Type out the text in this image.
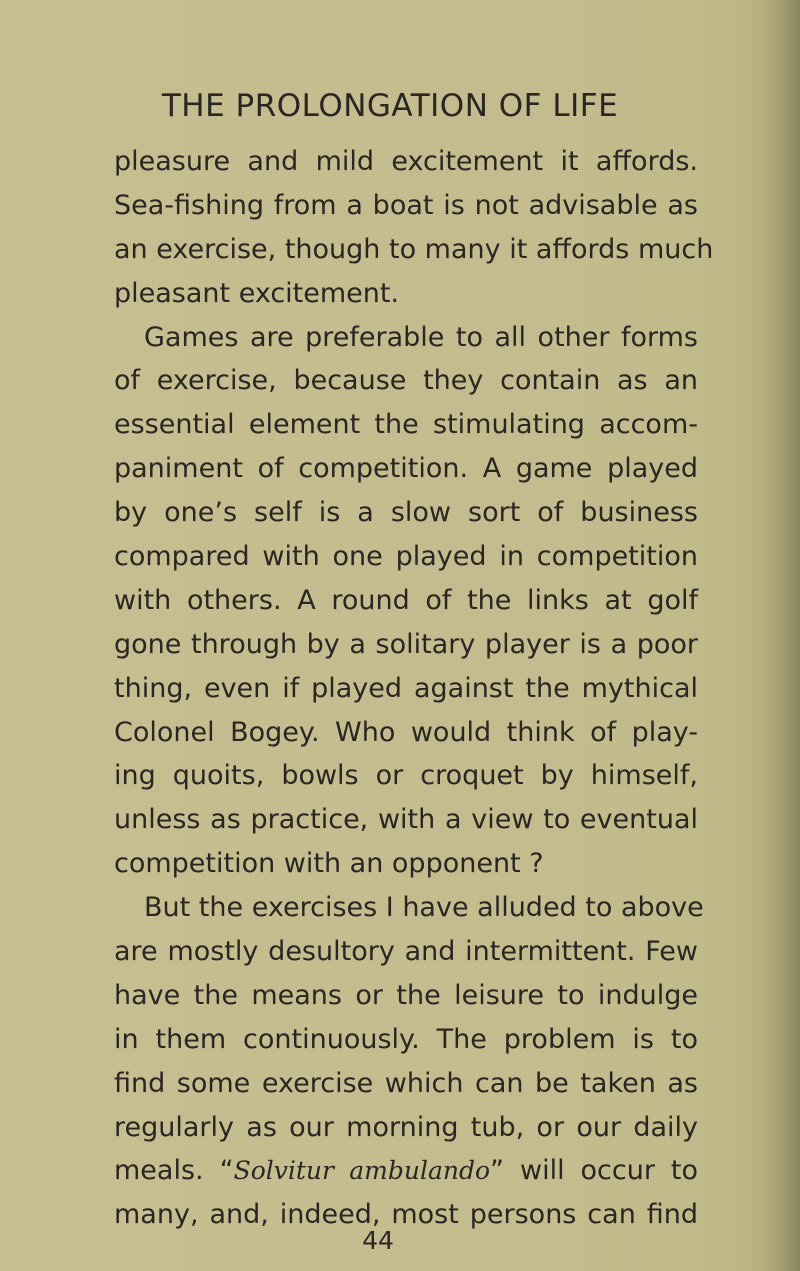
THE PROLONGATION OF LIFE
pleasure and mild excitement it affords.
Sea-fishing from a boat is not advisable as
an exercise, though to many it affords much
pleasant excitement.
Games are preferable to all other forms
of exercise, because they contain as an
essential element the stimulating accom-
paniment of competition. A game played
by one’s self is a slow sort of business
compared with one played in competition
with others. A round of the links at golf
gone through by a solitary player is a poor
thing, even if played against the mythical
Colonel Bogey. Who would think of play-
ing quoits, bowls or croquet by himself,
unless as practice, with a view to eventual
competition with an opponent ?
But the exercises I have alluded to above
are mostly desultory and intermittent. Few
have the means or the leisure to indulge
in them continuously. The problem is to
find some exercise which can be taken as
regularly as our morning tub, or our daily
meals. “Solvitur ambulando” will occur to
many, and, indeed, most persons can find
44
